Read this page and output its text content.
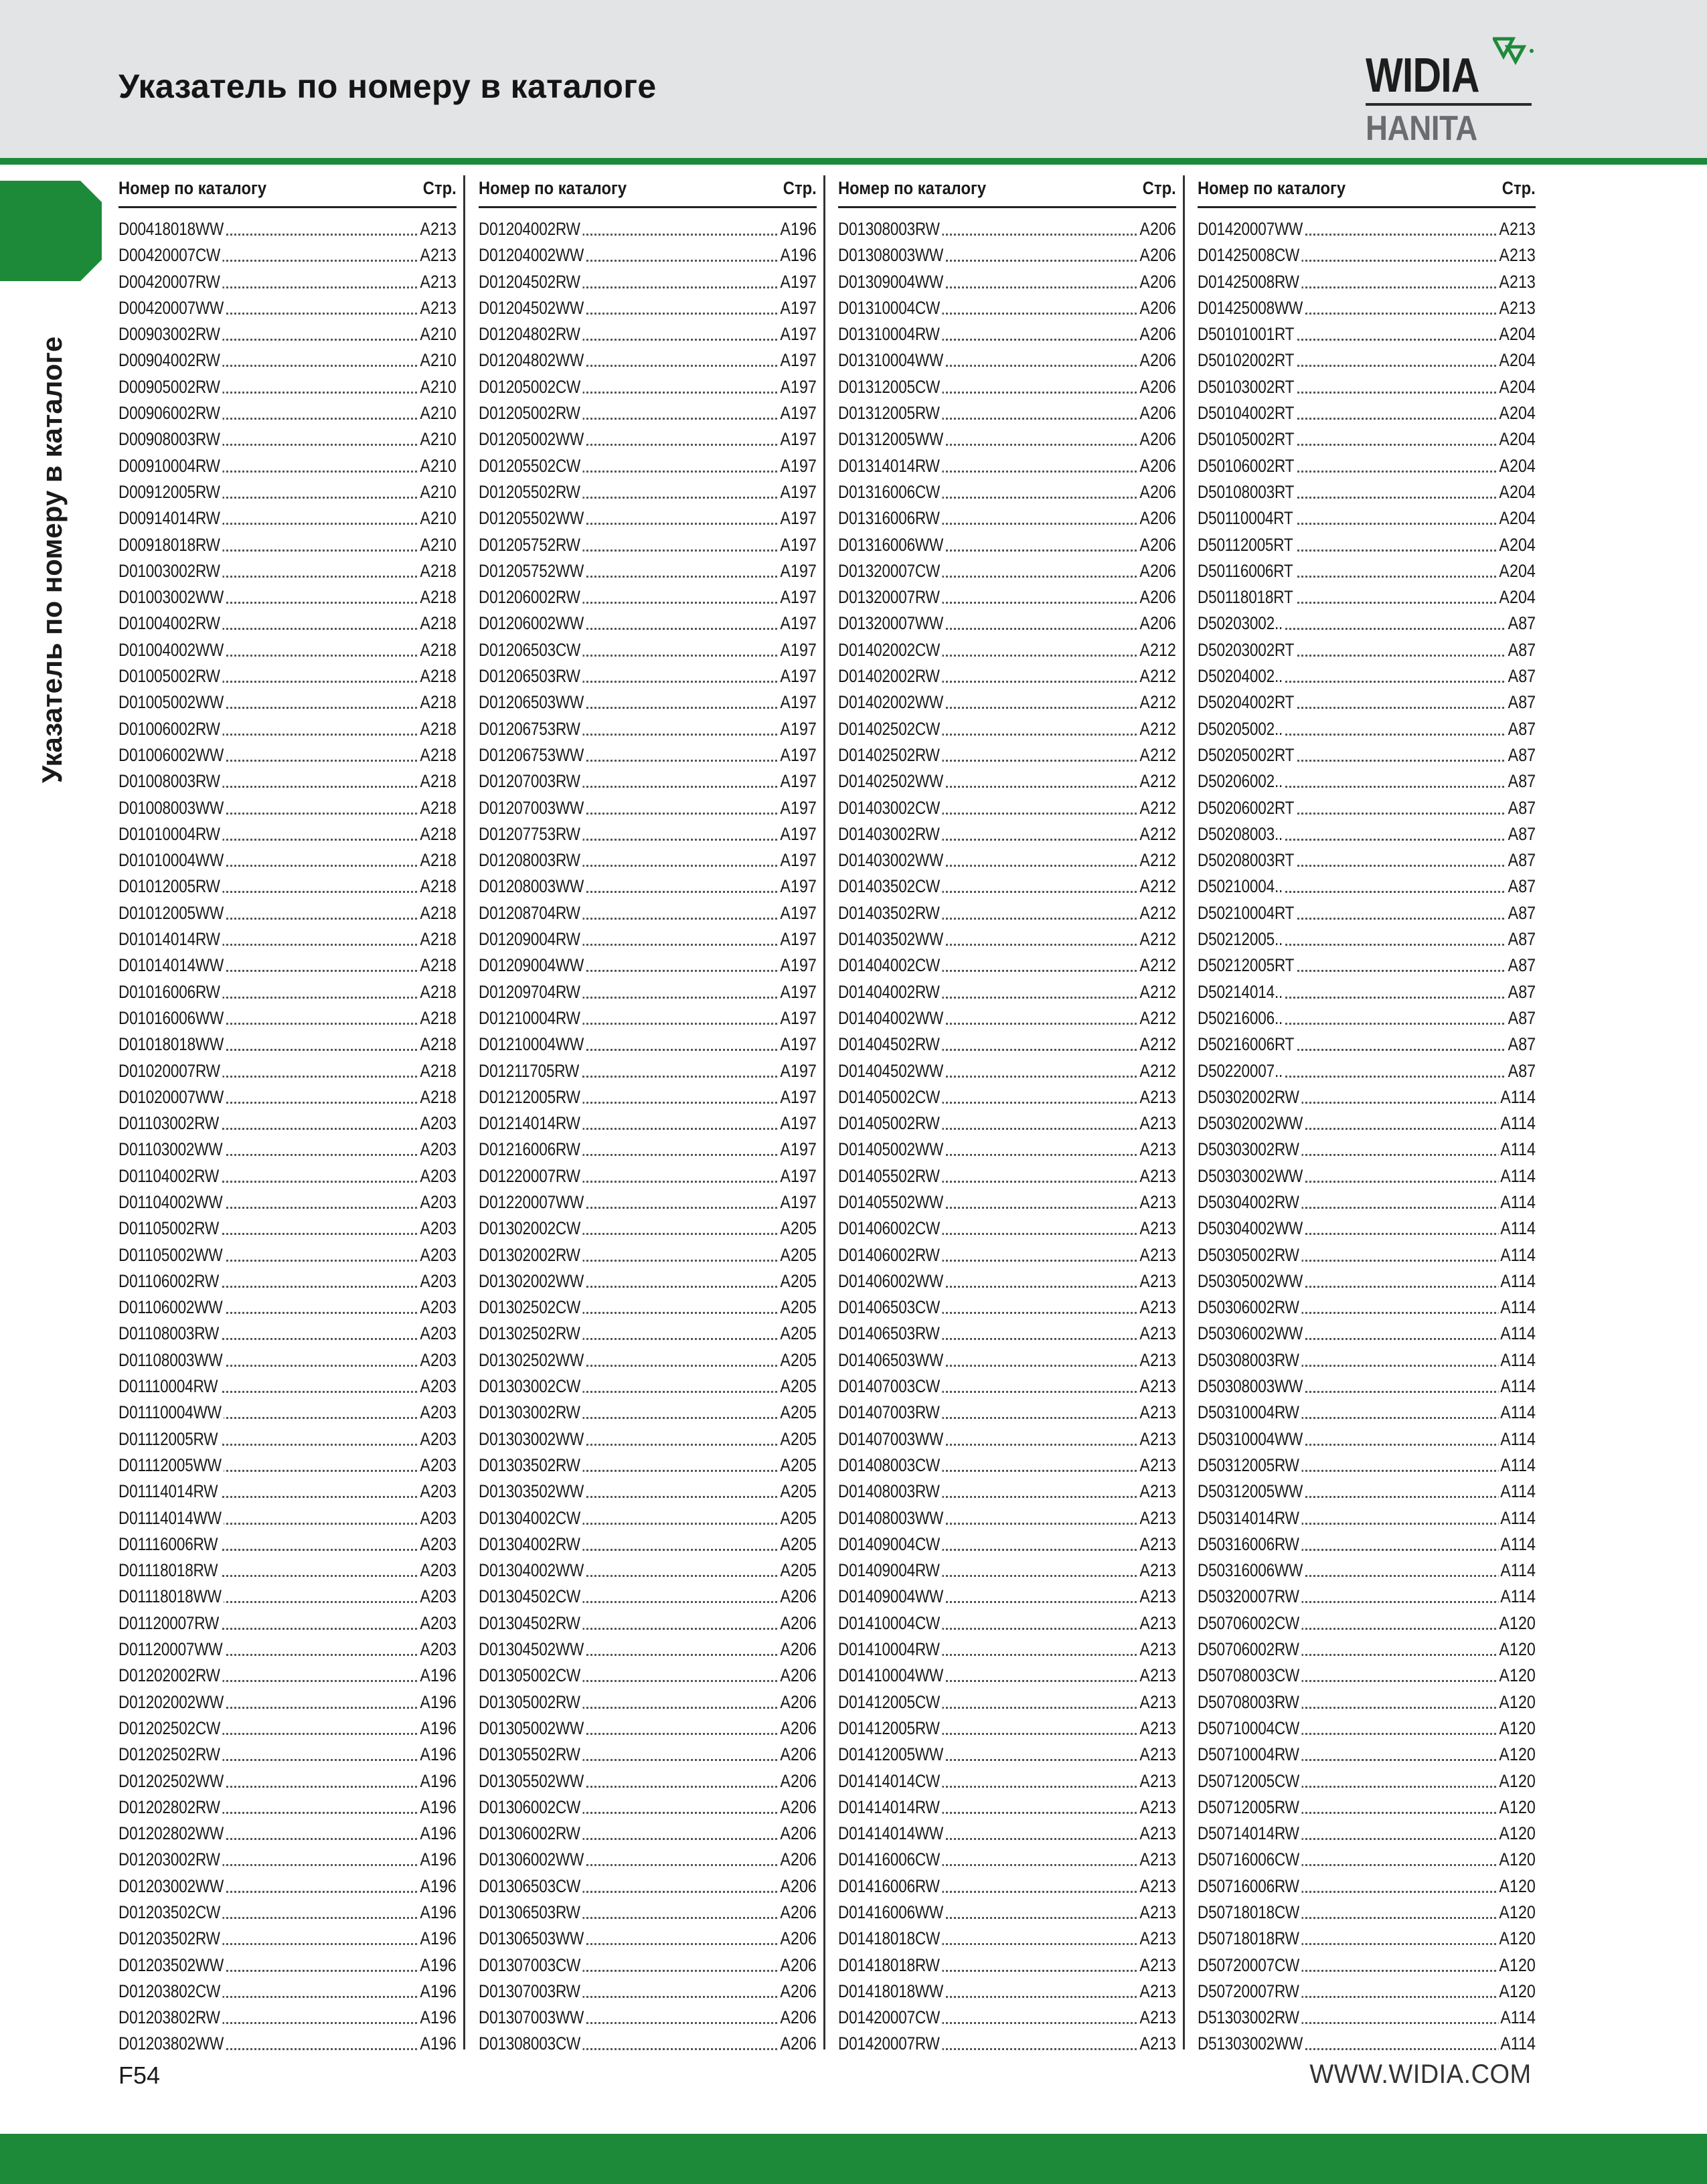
Указатель по номеру в каталоге	WIDIA
HANITA
Указатель по номеру в каталоге
Номер по каталогу	Стр.
D00418018WW	A213
D00420007CW	A213
D00420007RW	A213
D00420007WW	A213
D00903002RW	A210
D00904002RW	A210
D00905002RW	A210
D00906002RW	A210
D00908003RW	A210
D00910004RW	A210
D00912005RW	A210
D00914014RW	A210
D00918018RW	A210
D01003002RW	A218
D01003002WW	A218
D01004002RW	A218
D01004002WW	A218
D01005002RW	A218
D01005002WW	A218
D01006002RW	A218
D01006002WW	A218
D01008003RW	A218
D01008003WW	A218
D01010004RW	A218
D01010004WW	A218
D01012005RW	A218
D01012005WW	A218
D01014014RW	A218
D01014014WW	A218
D01016006RW	A218
D01016006WW	A218
D01018018WW	A218
D01020007RW	A218
D01020007WW	A218
D01103002RW	A203
D01103002WW	A203
D01104002RW	A203
D01104002WW	A203
D01105002RW	A203
D01105002WW	A203
D01106002RW	A203
D01106002WW	A203
D01108003RW	A203
D01108003WW	A203
D01110004RW	A203
D01110004WW	A203
D01112005RW	A203
D01112005WW	A203
D01114014RW	A203
D01114014WW	A203
D01116006RW	A203
D01118018RW	A203
D01118018WW	A203
D01120007RW	A203
D01120007WW	A203
D01202002RW	A196
D01202002WW	A196
D01202502CW	A196
D01202502RW	A196
D01202502WW	A196
D01202802RW	A196
D01202802WW	A196
D01203002RW	A196
D01203002WW	A196
D01203502CW	A196
D01203502RW	A196
D01203502WW	A196
D01203802CW	A196
D01203802RW	A196
D01203802WW	A196
Номер по каталогу	Стр.
D01204002RW	A196
D01204002WW	A196
D01204502RW	A197
D01204502WW	A197
D01204802RW	A197
D01204802WW	A197
D01205002CW	A197
D01205002RW	A197
D01205002WW	A197
D01205502CW	A197
D01205502RW	A197
D01205502WW	A197
D01205752RW	A197
D01205752WW	A197
D01206002RW	A197
D01206002WW	A197
D01206503CW	A197
D01206503RW	A197
D01206503WW	A197
D01206753RW	A197
D01206753WW	A197
D01207003RW	A197
D01207003WW	A197
D01207753RW	A197
D01208003RW	A197
D01208003WW	A197
D01208704RW	A197
D01209004RW	A197
D01209004WW	A197
D01209704RW	A197
D01210004RW	A197
D01210004WW	A197
D01211705RW	A197
D01212005RW	A197
D01214014RW	A197
D01216006RW	A197
D01220007RW	A197
D01220007WW	A197
D01302002CW	A205
D01302002RW	A205
D01302002WW	A205
D01302502CW	A205
D01302502RW	A205
D01302502WW	A205
D01303002CW	A205
D01303002RW	A205
D01303002WW	A205
D01303502RW	A205
D01303502WW	A205
D01304002CW	A205
D01304002RW	A205
D01304002WW	A205
D01304502CW	A206
D01304502RW	A206
D01304502WW	A206
D01305002CW	A206
D01305002RW	A206
D01305002WW	A206
D01305502RW	A206
D01305502WW	A206
D01306002CW	A206
D01306002RW	A206
D01306002WW	A206
D01306503CW	A206
D01306503RW	A206
D01306503WW	A206
D01307003CW	A206
D01307003RW	A206
D01307003WW	A206
D01308003CW	A206
Номер по каталогу	Стр.
D01308003RW	A206
D01308003WW	A206
D01309004WW	A206
D01310004CW	A206
D01310004RW	A206
D01310004WW	A206
D01312005CW	A206
D01312005RW	A206
D01312005WW	A206
D01314014RW	A206
D01316006CW	A206
D01316006RW	A206
D01316006WW	A206
D01320007CW	A206
D01320007RW	A206
D01320007WW	A206
D01402002CW	A212
D01402002RW	A212
D01402002WW	A212
D01402502CW	A212
D01402502RW	A212
D01402502WW	A212
D01403002CW	A212
D01403002RW	A212
D01403002WW	A212
D01403502CW	A212
D01403502RW	A212
D01403502WW	A212
D01404002CW	A212
D01404002RW	A212
D01404002WW	A212
D01404502RW	A212
D01404502WW	A212
D01405002CW	A213
D01405002RW	A213
D01405002WW	A213
D01405502RW	A213
D01405502WW	A213
D01406002CW	A213
D01406002RW	A213
D01406002WW	A213
D01406503CW	A213
D01406503RW	A213
D01406503WW	A213
D01407003CW	A213
D01407003RW	A213
D01407003WW	A213
D01408003CW	A213
D01408003RW	A213
D01408003WW	A213
D01409004CW	A213
D01409004RW	A213
D01409004WW	A213
D01410004CW	A213
D01410004RW	A213
D01410004WW	A213
D01412005CW	A213
D01412005RW	A213
D01412005WW	A213
D01414014CW	A213
D01414014RW	A213
D01414014WW	A213
D01416006CW	A213
D01416006RW	A213
D01416006WW	A213
D01418018CW	A213
D01418018RW	A213
D01418018WW	A213
D01420007CW	A213
D01420007RW	A213
Номер по каталогу	Стр.
D01420007WW	A213
D01425008CW	A213
D01425008RW	A213
D01425008WW	A213
D50101001RT	A204
D50102002RT	A204
D50103002RT	A204
D50104002RT	A204
D50105002RT	A204
D50106002RT	A204
D50108003RT	A204
D50110004RT	A204
D50112005RT	A204
D50116006RT	A204
D50118018RT	A204
D50203002..	A87
D50203002RT	A87
D50204002..	A87
D50204002RT	A87
D50205002..	A87
D50205002RT	A87
D50206002..	A87
D50206002RT	A87
D50208003..	A87
D50208003RT	A87
D50210004..	A87
D50210004RT	A87
D50212005..	A87
D50212005RT	A87
D50214014..	A87
D50216006..	A87
D50216006RT	A87
D50220007..	A87
D50302002RW	A114
D50302002WW	A114
D50303002RW	A114
D50303002WW	A114
D50304002RW	A114
D50304002WW	A114
D50305002RW	A114
D50305002WW	A114
D50306002RW	A114
D50306002WW	A114
D50308003RW	A114
D50308003WW	A114
D50310004RW	A114
D50310004WW	A114
D50312005RW	A114
D50312005WW	A114
D50314014RW	A114
D50316006RW	A114
D50316006WW	A114
D50320007RW	A114
D50706002CW	A120
D50706002RW	A120
D50708003CW	A120
D50708003RW	A120
D50710004CW	A120
D50710004RW	A120
D50712005CW	A120
D50712005RW	A120
D50714014RW	A120
D50716006CW	A120
D50716006RW	A120
D50718018CW	A120
D50718018RW	A120
D50720007CW	A120
D50720007RW	A120
D51303002RW	A114
D51303002WW	A114
F54	WWW.WIDIA.COM
